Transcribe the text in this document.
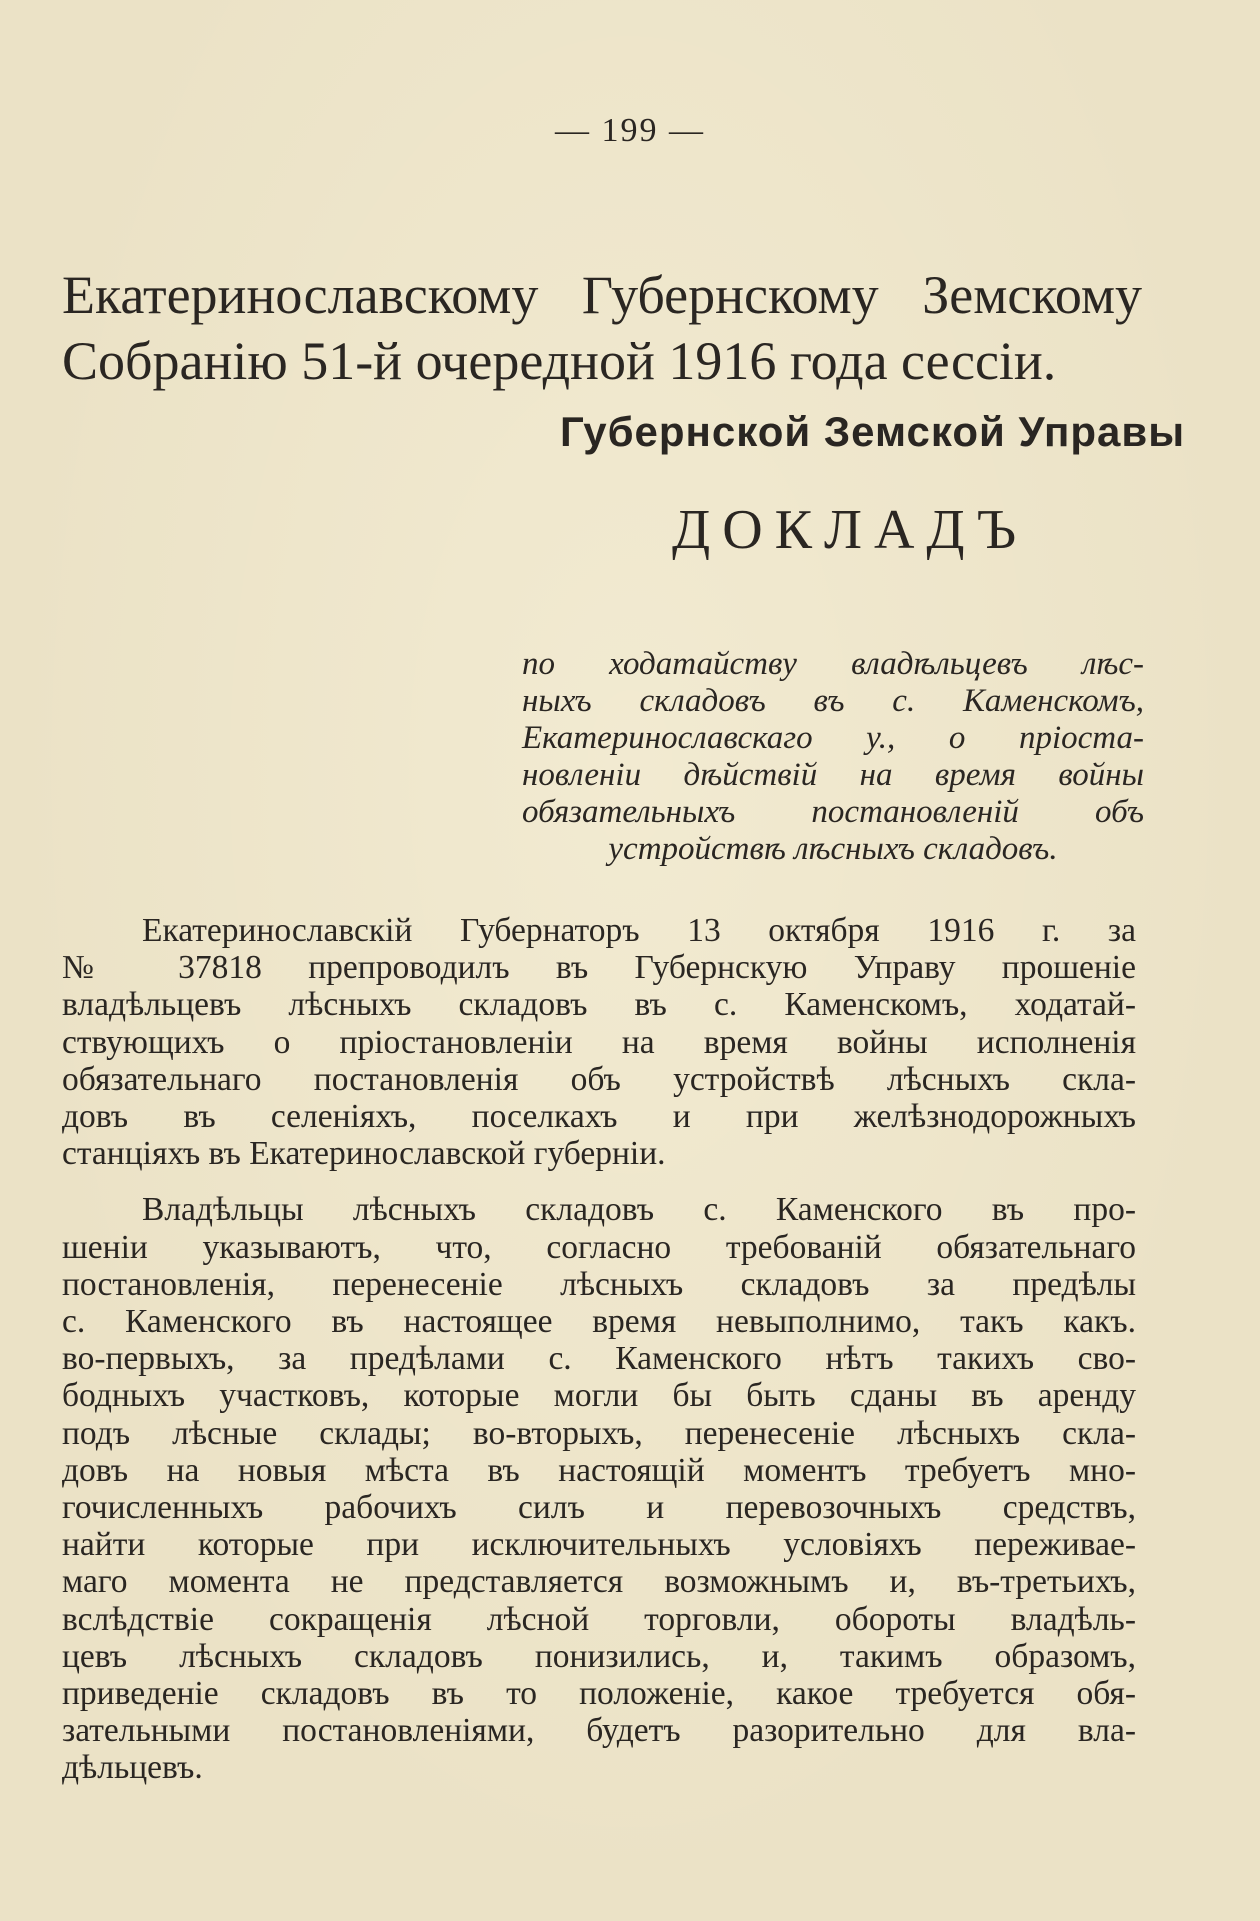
— 199 —
Екатеринославскому Губернскому Земскому
Собранію 51-й очередной 1916 года сессіи.
Губернской Земской Управы
ДОКЛАДЪ
по ходатайству владѣльцевъ лѣс-
ныхъ складовъ въ с. Каменскомъ,
Екатеринославскаго у., о пріоста-
новленіи дѣйствій на время войны
обязательныхъ постановленій объ
устройствѣ лѣсныхъ складовъ.

Екатеринославскій Губернаторъ 13 октября 1916 г. за
№ 37818 препроводилъ въ Губернскую Управу прошеніе
владѣльцевъ лѣсныхъ складовъ въ с. Каменскомъ, ходатай-
ствующихъ о пріостановленіи на время войны исполненія
обязательнаго постановленія объ устройствѣ лѣсныхъ скла-
довъ въ селеніяхъ, поселкахъ и при желѣзнодорожныхъ
станціяхъ въ Екатеринославской губерніи.

Владѣльцы лѣсныхъ складовъ с. Каменского въ про-
шеніи указываютъ, что, согласно требованій обязательнаго
постановленія, перенесеніе лѣсныхъ складовъ за предѣлы
с. Каменского въ настоящее время невыполнимо, такъ какъ.
во-первыхъ, за предѣлами с. Каменского нѣтъ такихъ сво-
бодныхъ участковъ, которые могли бы быть сданы въ аренду
подъ лѣсные склады; во-вторыхъ, перенесеніе лѣсныхъ скла-
довъ на новыя мѣста въ настоящій моментъ требуетъ мно-
гочисленныхъ рабочихъ силъ и перевозочныхъ средствъ,
найти которые при исключительныхъ условіяхъ переживае-
маго момента не представляется возможнымъ и, въ-третьихъ,
вслѣдствіе сокращенія лѣсной торговли, обороты владѣль-
цевъ лѣсныхъ складовъ понизились, и, такимъ образомъ,
приведеніе складовъ въ то положеніе, какое требуется обя-
зательными постановленіями, будетъ разорительно для вла-
дѣльцевъ.
